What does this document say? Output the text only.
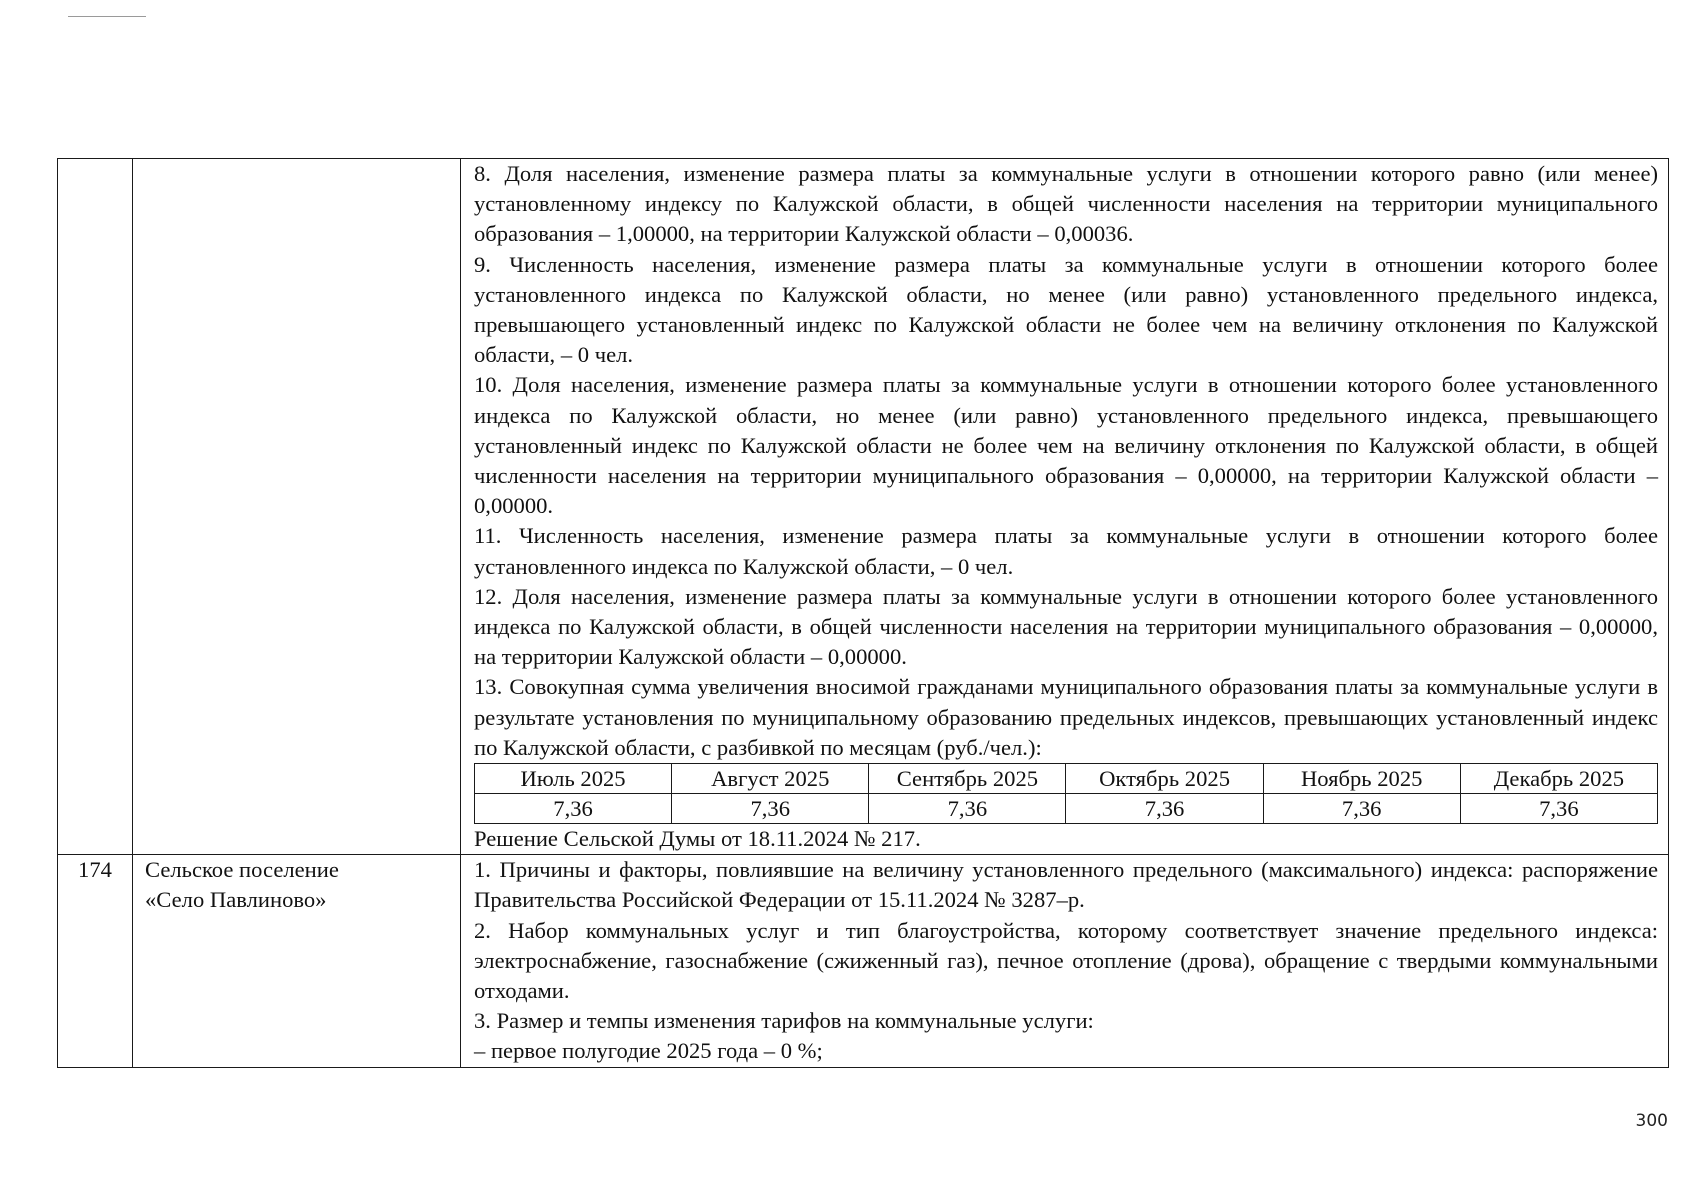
8. Доля населения, изменение размера платы за коммунальные услуги в отношении которого равно (или менее) установленному индексу по Калужской области, в общей численности населения на территории муниципального образования – 1,00000, на территории Калужской области – 0,00036.

9. Численность населения, изменение размера платы за коммунальные услуги в отношении которого более установленного индекса по Калужской области, но менее (или равно) установленного предельного индекса, превышающего установленный индекс по Калужской области не более чем на величину отклонения по Калужской области, – 0 чел.

10. Доля населения, изменение размера платы за коммунальные услуги в отношении которого более установленного индекса по Калужской области, но менее (или равно) установленного предельного индекса, превышающего установленный индекс по Калужской области не более чем на величину отклонения по Калужской области, в общей численности населения на территории муниципального образования – 0,00000, на территории Калужской области – 0,00000.

11. Численность населения, изменение размера платы за коммунальные услуги в отношении которого более установленного индекса по Калужской области, – 0 чел.

12. Доля населения, изменение размера платы за коммунальные услуги в отношении которого более установленного индекса по Калужской области, в общей численности населения на территории муниципального образования – 0,00000, на территории Калужской области – 0,00000.

13. Совокупная сумма увеличения вносимой гражданами муниципального образования платы за коммунальные услуги в результате установления по муниципальному образованию предельных индексов, превышающих установленный индекс по Калужской области, с разбивкой по месяцам (руб./чел.):

Июль 2025	Август 2025	Сентябрь 2025	Октябрь 2025	Ноябрь 2025	Декабрь 2025
7,36	7,36	7,36	7,36	7,36	7,36

Решение Сельской Думы от 18.11.2024 № 217.

174	Сельское поселение
«Село Павлиново»

1. Причины и факторы, повлиявшие на величину установленного предельного (максимального) индекса: распоряжение Правительства Российской Федерации от 15.11.2024 № 3287–р.

2. Набор коммунальных услуг и тип благоустройства, которому соответствует значение предельного индекса: электроснабжение, газоснабжение (сжиженный газ), печное отопление (дрова), обращение с твердыми коммунальными отходами.

3. Размер и темпы изменения тарифов на коммунальные услуги:

– первое полугодие 2025 года – 0 %;

300
